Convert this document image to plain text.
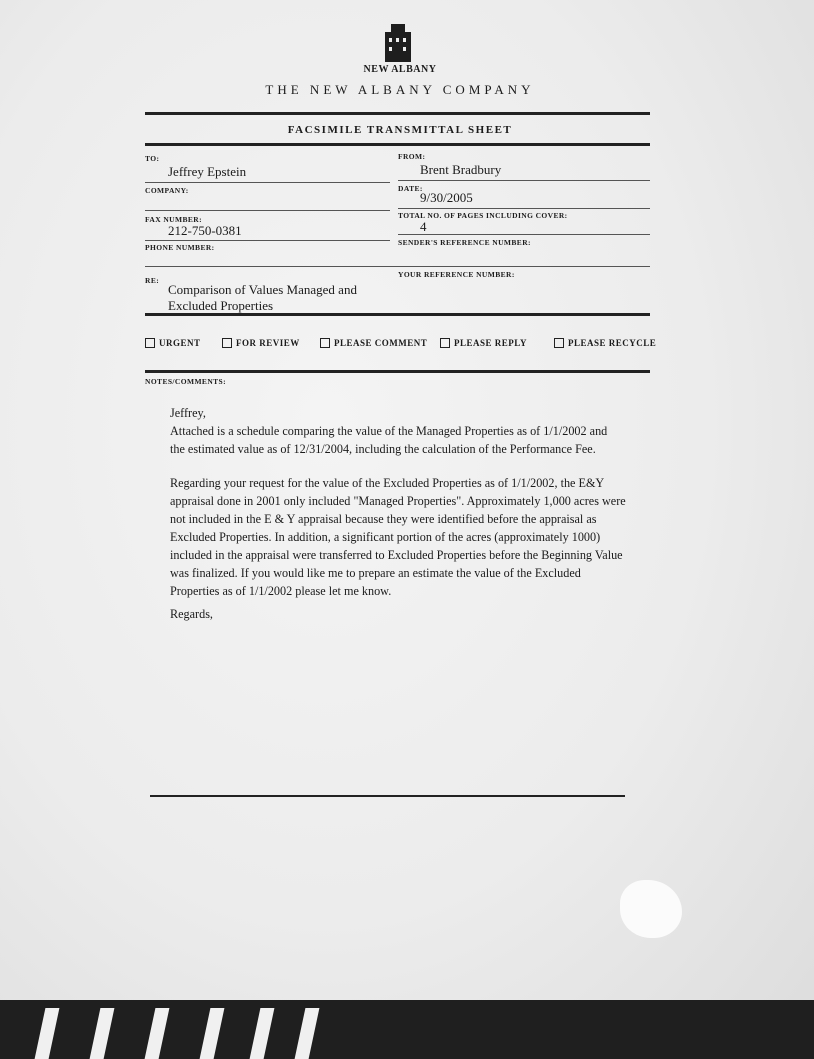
NEW ALBANY
THE NEW ALBANY COMPANY
FACSIMILE TRANSMITTAL SHEET
TO:
Jeffrey Epstein
COMPANY:
FAX NUMBER:
212-750-0381
PHONE NUMBER:
RE:
Comparison of Values Managed and
Excluded Properties
FROM:
Brent Bradbury
DATE:
9/30/2005
TOTAL NO. OF PAGES INCLUDING COVER:
4
SENDER'S REFERENCE NUMBER:
YOUR REFERENCE NUMBER:
URGENT	FOR REVIEW	PLEASE COMMENT	PLEASE REPLY	PLEASE RECYCLE
NOTES/COMMENTS:
Jeffrey,
Attached is a schedule comparing the value of the Managed Properties as of 1/1/2002 and
the estimated value as of 12/31/2004, including the calculation of the Performance Fee.
Regarding your request for the value of the Excluded Properties as of 1/1/2002, the E&Y
appraisal done in 2001 only included "Managed Properties". Approximately 1,000 acres were
not included in the E & Y appraisal because they were identified before the appraisal as
Excluded Properties. In addition, a significant portion of the acres (approximately 1000)
included in the appraisal were transferred to Excluded Properties before the Beginning Value
was finalized. If you would like me to prepare an estimate the value of the Excluded
Properties as of 1/1/2002 please let me know.
Regards,
